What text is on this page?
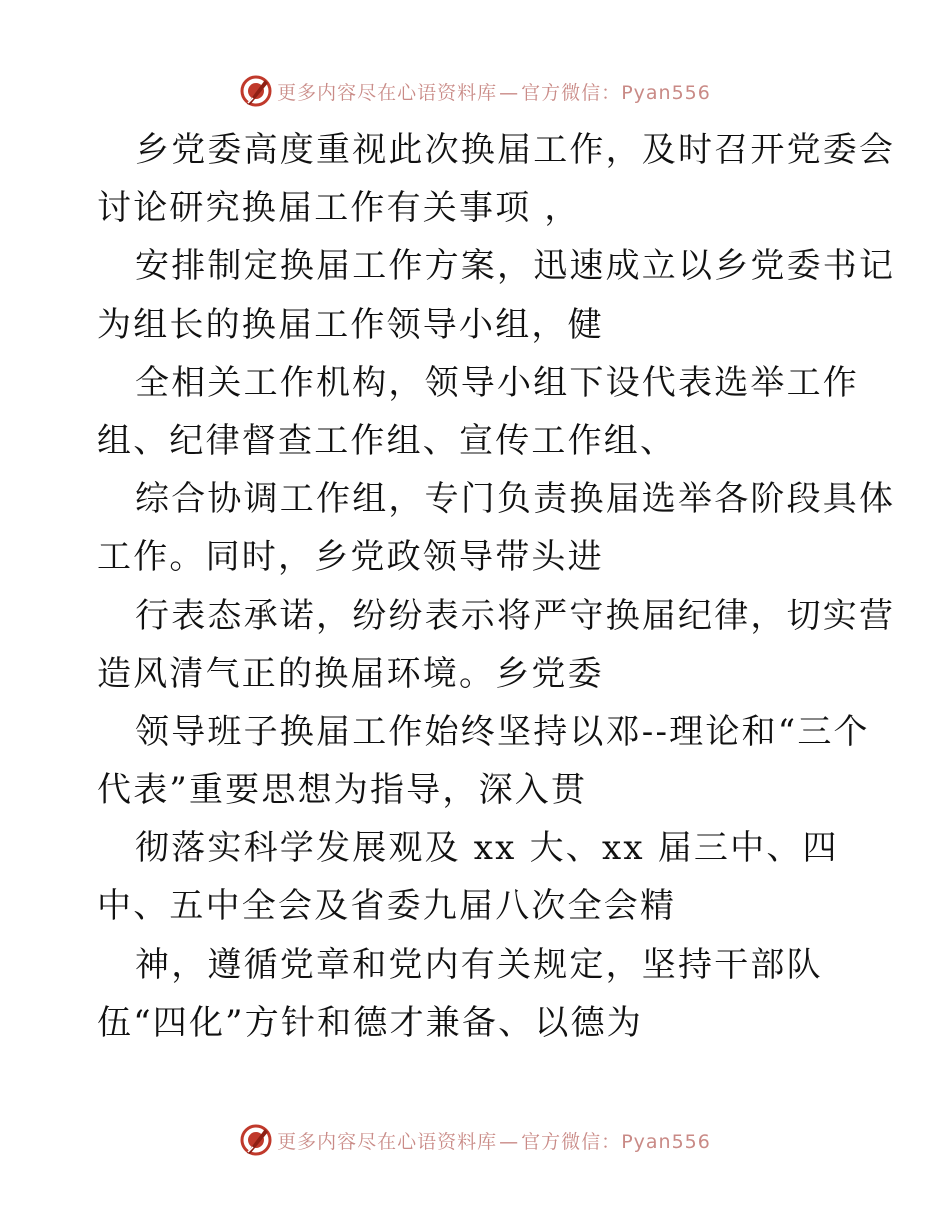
更多内容尽在心语资料库 — 官方微信：Pyan556
乡党委高度重视此次换届工作，及时召开党委会
讨论研究换届工作有关事项 ，
安排制定换届工作方案，迅速成立以乡党委书记
为组长的换届工作领导小组，健
全相关工作机构，领导小组下设代表选举工作
组、纪律督查工作组、宣传工作组、
综合协调工作组，专门负责换届选举各阶段具体
工作。同时，乡党政领导带头进
行表态承诺，纷纷表示将严守换届纪律，切实营
造风清气正的换届环境。乡党委
领导班子换届工作始终坚持以邓--理论和“三个
代表”重要思想为指导，深入贯
彻落实科学发展观及 xx 大、xx 届三中、四
中、五中全会及省委九届八次全会精
神，遵循党章和党内有关规定，坚持干部队
伍“四化”方针和德才兼备、以德为
更多内容尽在心语资料库 — 官方微信：Pyan556
